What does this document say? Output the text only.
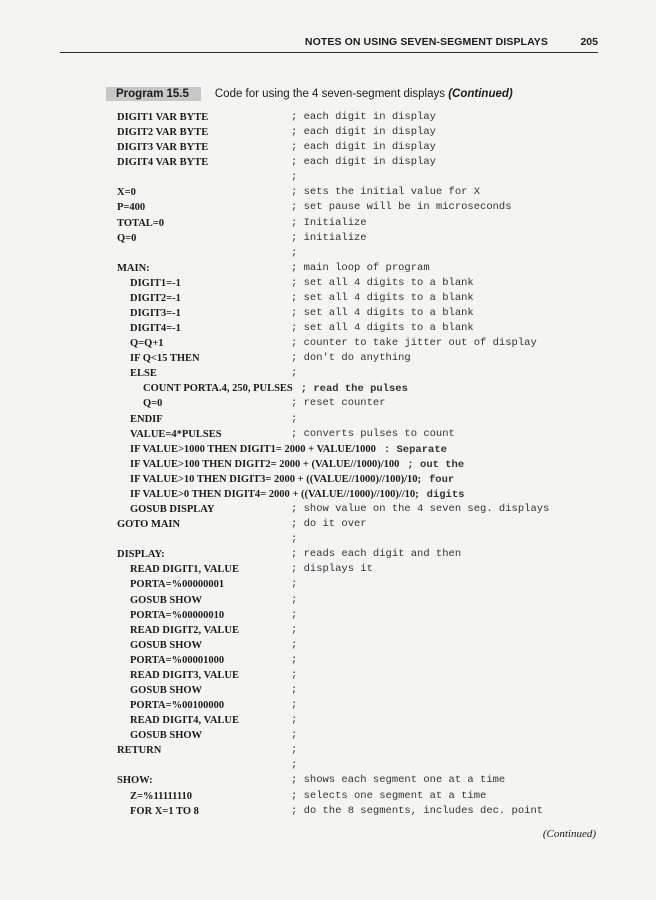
NOTES ON USING SEVEN-SEGMENT DISPLAYS	205
Program 15.5	Code for using the 4 seven-segment displays (Continued)
DIGIT1 VAR BYTE	; each digit in display
DIGIT2 VAR BYTE	; each digit in display
DIGIT3 VAR BYTE	; each digit in display
DIGIT4 VAR BYTE	; each digit in display
;
X=0	; sets the initial value for X
P=400	; set pause will be in microseconds
TOTAL=0	; Initialize
Q=0	; initialize
;
MAIN:	; main loop of program
DIGIT1=-1	; set all 4 digits to a blank
DIGIT2=-1	; set all 4 digits to a blank
DIGIT3=-1	; set all 4 digits to a blank
DIGIT4=-1	; set all 4 digits to a blank
Q=Q+1	; counter to take jitter out of display
IF Q<15 THEN	; don't do anything
ELSE	;
COUNT PORTA.4, 250, PULSES ; read the pulses
Q=0	; reset counter
ENDIF	;
VALUE=4*PULSES	; converts pulses to count
IF VALUE>1000 THEN DIGIT1= 2000 + VALUE/1000 : Separate
IF VALUE>100 THEN DIGIT2= 2000 + (VALUE//1000)/100 ; out the
IF VALUE>10 THEN DIGIT3= 2000 + ((VALUE//1000)//100)/10; four
IF VALUE>0 THEN DIGIT4= 2000 + ((VALUE//1000)//100)//10; digits
GOSUB DISPLAY	; show value on the 4 seven seg. displays
GOTO MAIN	; do it over
;
DISPLAY:	; reads each digit and then
READ DIGIT1, VALUE	; displays it
PORTA=%00000001	;
GOSUB SHOW	;
PORTA=%00000010	;
READ DIGIT2, VALUE	;
GOSUB SHOW	;
PORTA=%00001000	;
READ DIGIT3, VALUE	;
GOSUB SHOW	;
PORTA=%00100000	;
READ DIGIT4, VALUE	;
GOSUB SHOW	;
RETURN	;
;
SHOW:	; shows each segment one at a time
Z=%11111110	; selects one segment at a time
FOR X=1 TO 8	; do the 8 segments, includes dec. point
(Continued)
